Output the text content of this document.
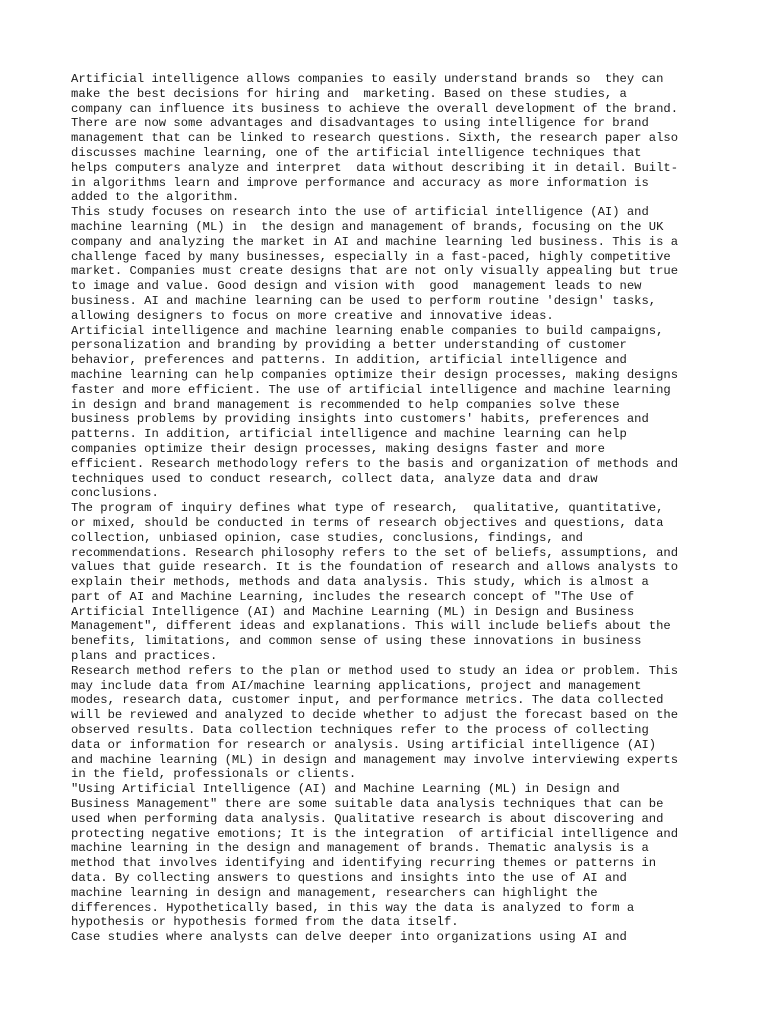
Artificial intelligence allows companies to easily understand brands so  they can
make the best decisions for hiring and  marketing. Based on these studies, a
company can influence its business to achieve the overall development of the brand.
There are now some advantages and disadvantages to using intelligence for brand
management that can be linked to research questions. Sixth, the research paper also
discusses machine learning, one of the artificial intelligence techniques that
helps computers analyze and interpret  data without describing it in detail. Built-
in algorithms learn and improve performance and accuracy as more information is
added to the algorithm.

This study focuses on research into the use of artificial intelligence (AI) and
machine learning (ML) in  the design and management of brands, focusing on the UK
company and analyzing the market in AI and machine learning led business. This is a
challenge faced by many businesses, especially in a fast-paced, highly competitive
market. Companies must create designs that are not only visually appealing but true
to image and value. Good design and vision with  good  management leads to new
business. AI and machine learning can be used to perform routine 'design' tasks,
allowing designers to focus on more creative and innovative ideas.

Artificial intelligence and machine learning enable companies to build campaigns,
personalization and branding by providing a better understanding of customer
behavior, preferences and patterns. In addition, artificial intelligence and
machine learning can help companies optimize their design processes, making designs
faster and more efficient. The use of artificial intelligence and machine learning
in design and brand management is recommended to help companies solve these
business problems by providing insights into customers' habits, preferences and
patterns. In addition, artificial intelligence and machine learning can help
companies optimize their design processes, making designs faster and more
efficient. Research methodology refers to the basis and organization of methods and
techniques used to conduct research, collect data, analyze data and draw
conclusions.

The program of inquiry defines what type of research,  qualitative, quantitative,
or mixed, should be conducted in terms of research objectives and questions, data
collection, unbiased opinion, case studies, conclusions, findings, and
recommendations. Research philosophy refers to the set of beliefs, assumptions, and
values that guide research. It is the foundation of research and allows analysts to
explain their methods, methods and data analysis. This study, which is almost a
part of AI and Machine Learning, includes the research concept of "The Use of
Artificial Intelligence (AI) and Machine Learning (ML) in Design and Business
Management", different ideas and explanations. This will include beliefs about the
benefits, limitations, and common sense of using these innovations in business
plans and practices.

Research method refers to the plan or method used to study an idea or problem. This
may include data from AI/machine learning applications, project and management
modes, research data, customer input, and performance metrics. The data collected
will be reviewed and analyzed to decide whether to adjust the forecast based on the
observed results. Data collection techniques refer to the process of collecting
data or information for research or analysis. Using artificial intelligence (AI)
and machine learning (ML) in design and management may involve interviewing experts
in the field, professionals or clients.

"Using Artificial Intelligence (AI) and Machine Learning (ML) in Design and
Business Management" there are some suitable data analysis techniques that can be
used when performing data analysis. Qualitative research is about discovering and
protecting negative emotions; It is the integration  of artificial intelligence and
machine learning in the design and management of brands. Thematic analysis is a
method that involves identifying and identifying recurring themes or patterns in
data. By collecting answers to questions and insights into the use of AI and
machine learning in design and management, researchers can highlight the
differences. Hypothetically based, in this way the data is analyzed to form a
hypothesis or hypothesis formed from the data itself.

Case studies where analysts can delve deeper into organizations using AI and
